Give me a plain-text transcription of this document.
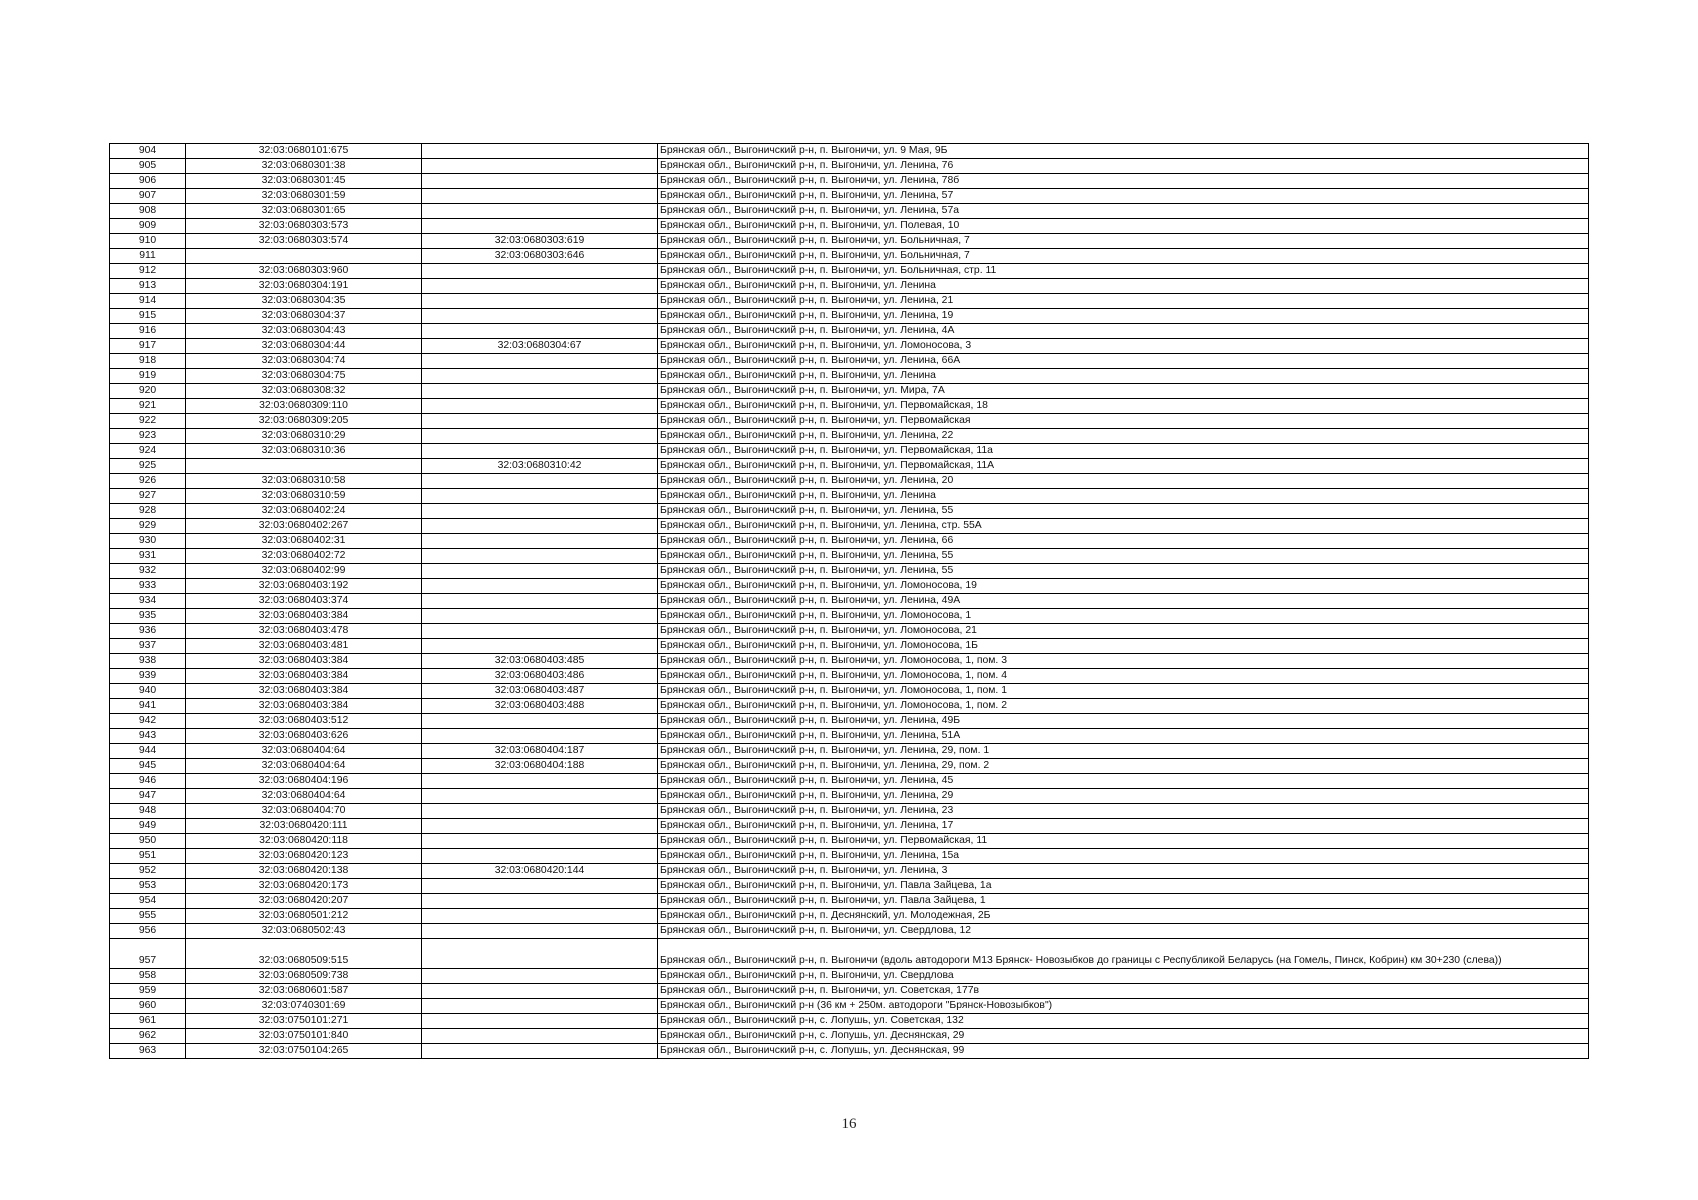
904	32:03:0680101:675		Брянская обл., Выгоничский р-н, п. Выгоничи, ул. 9 Мая, 9Б
905	32:03:0680301:38		Брянская обл., Выгоничский р-н, п. Выгоничи, ул. Ленина, 76
906	32:03:0680301:45		Брянская обл., Выгоничский р-н, п. Выгоничи, ул. Ленина, 78б
907	32:03:0680301:59		Брянская обл., Выгоничский р-н, п. Выгоничи, ул. Ленина, 57
908	32:03:0680301:65		Брянская обл., Выгоничский р-н, п. Выгоничи, ул. Ленина, 57а
909	32:03:0680303:573		Брянская обл., Выгоничский р-н, п. Выгоничи, ул. Полевая, 10
910	32:03:0680303:574	32:03:0680303:619	Брянская обл., Выгоничский р-н, п. Выгоничи, ул. Больничная, 7
911		32:03:0680303:646	Брянская обл., Выгоничский р-н, п. Выгоничи, ул. Больничная, 7
912	32:03:0680303:960		Брянская обл., Выгоничский р-н, п. Выгоничи, ул. Больничная, стр. 11
913	32:03:0680304:191		Брянская обл., Выгоничский р-н, п. Выгоничи, ул. Ленина
914	32:03:0680304:35		Брянская обл., Выгоничский р-н, п. Выгоничи, ул. Ленина, 21
915	32:03:0680304:37		Брянская обл., Выгоничский р-н, п. Выгоничи, ул. Ленина, 19
916	32:03:0680304:43		Брянская обл., Выгоничский р-н, п. Выгоничи, ул. Ленина, 4А
917	32:03:0680304:44	32:03:0680304:67	Брянская обл., Выгоничский р-н, п. Выгоничи, ул. Ломоносова, 3
918	32:03:0680304:74		Брянская обл., Выгоничский р-н, п. Выгоничи, ул. Ленина, 66А
919	32:03:0680304:75		Брянская обл., Выгоничский р-н, п. Выгоничи, ул. Ленина
920	32:03:0680308:32		Брянская обл., Выгоничский р-н, п. Выгоничи, ул. Мира, 7А
921	32:03:0680309:110		Брянская обл., Выгоничский р-н, п. Выгоничи, ул. Первомайская, 18
922	32:03:0680309:205		Брянская обл., Выгоничский р-н, п. Выгоничи, ул. Первомайская
923	32:03:0680310:29		Брянская обл., Выгоничский р-н, п. Выгоничи, ул. Ленина, 22
924	32:03:0680310:36		Брянская обл., Выгоничский р-н, п. Выгоничи, ул. Первомайская, 11а
925		32:03:0680310:42	Брянская обл., Выгоничский р-н, п. Выгоничи, ул. Первомайская, 11А
926	32:03:0680310:58		Брянская обл., Выгоничский р-н, п. Выгоничи, ул. Ленина, 20
927	32:03:0680310:59		Брянская обл., Выгоничский р-н, п. Выгоничи, ул. Ленина
928	32:03:0680402:24		Брянская обл., Выгоничский р-н, п. Выгоничи, ул. Ленина, 55
929	32:03:0680402:267		Брянская обл., Выгоничский р-н, п. Выгоничи, ул. Ленина, стр. 55А
930	32:03:0680402:31		Брянская обл., Выгоничский р-н, п. Выгоничи, ул. Ленина, 66
931	32:03:0680402:72		Брянская обл., Выгоничский р-н, п. Выгоничи, ул. Ленина, 55
932	32:03:0680402:99		Брянская обл., Выгоничский р-н, п. Выгоничи, ул. Ленина, 55
933	32:03:0680403:192		Брянская обл., Выгоничский р-н, п. Выгоничи, ул. Ломоносова, 19
934	32:03:0680403:374		Брянская обл., Выгоничский р-н, п. Выгоничи, ул. Ленина, 49А
935	32:03:0680403:384		Брянская обл., Выгоничский р-н, п. Выгоничи, ул. Ломоносова, 1
936	32:03:0680403:478		Брянская обл., Выгоничский р-н, п. Выгоничи, ул. Ломоносова, 21
937	32:03:0680403:481		Брянская обл., Выгоничский р-н, п. Выгоничи, ул. Ломоносова, 1Б
938	32:03:0680403:384	32:03:0680403:485	Брянская обл., Выгоничский р-н, п. Выгоничи, ул. Ломоносова, 1, пом. 3
939	32:03:0680403:384	32:03:0680403:486	Брянская обл., Выгоничский р-н, п. Выгоничи, ул. Ломоносова, 1, пом. 4
940	32:03:0680403:384	32:03:0680403:487	Брянская обл., Выгоничский р-н, п. Выгоничи, ул. Ломоносова, 1, пом. 1
941	32:03:0680403:384	32:03:0680403:488	Брянская обл., Выгоничский р-н, п. Выгоничи, ул. Ломоносова, 1, пом. 2
942	32:03:0680403:512		Брянская обл., Выгоничский р-н, п. Выгоничи, ул. Ленина, 49Б
943	32:03:0680403:626		Брянская обл., Выгоничский р-н, п. Выгоничи, ул. Ленина, 51А
944	32:03:0680404:64	32:03:0680404:187	Брянская обл., Выгоничский р-н, п. Выгоничи, ул. Ленина, 29, пом. 1
945	32:03:0680404:64	32:03:0680404:188	Брянская обл., Выгоничский р-н, п. Выгоничи, ул. Ленина, 29, пом. 2
946	32:03:0680404:196		Брянская обл., Выгоничский р-н, п. Выгоничи, ул. Ленина, 45
947	32:03:0680404:64		Брянская обл., Выгоничский р-н, п. Выгоничи, ул. Ленина, 29
948	32:03:0680404:70		Брянская обл., Выгоничский р-н, п. Выгоничи, ул. Ленина, 23
949	32:03:0680420:111		Брянская обл., Выгоничский р-н, п. Выгоничи, ул. Ленина, 17
950	32:03:0680420:118		Брянская обл., Выгоничский р-н, п. Выгоничи, ул. Первомайская, 11
951	32:03:0680420:123		Брянская обл., Выгоничский р-н, п. Выгоничи, ул. Ленина, 15а
952	32:03:0680420:138	32:03:0680420:144	Брянская обл., Выгоничский р-н, п. Выгоничи, ул. Ленина, 3
953	32:03:0680420:173		Брянская обл., Выгоничский р-н, п. Выгоничи, ул. Павла Зайцева, 1а
954	32:03:0680420:207		Брянская обл., Выгоничский р-н, п. Выгоничи, ул. Павла Зайцева, 1
955	32:03:0680501:212		Брянская обл., Выгоничский р-н, п. Деснянский, ул. Молодежная, 2Б
956	32:03:0680502:43		Брянская обл., Выгоничский р-н, п. Выгоничи, ул. Свердлова, 12
957	32:03:0680509:515		Брянская обл., Выгоничский р-н, п. Выгоничи (вдоль автодороги М13 Брянск- Новозыбков до границы с Республикой Беларусь (на Гомель, Пинск, Кобрин) км 30+230 (слева))
958	32:03:0680509:738		Брянская обл., Выгоничский р-н, п. Выгоничи, ул. Свердлова
959	32:03:0680601:587		Брянская обл., Выгоничский р-н, п. Выгоничи, ул. Советская, 177в
960	32:03:0740301:69		Брянская обл., Выгоничский р-н (36 км + 250м. автодороги "Брянск-Новозыбков")
961	32:03:0750101:271		Брянская обл., Выгоничский р-н, с. Лопушь, ул. Советская, 132
962	32:03:0750101:840		Брянская обл., Выгоничский р-н, с. Лопушь, ул. Деснянская, 29
963	32:03:0750104:265		Брянская обл., Выгоничский р-н, с. Лопушь, ул. Деснянская, 99
16
